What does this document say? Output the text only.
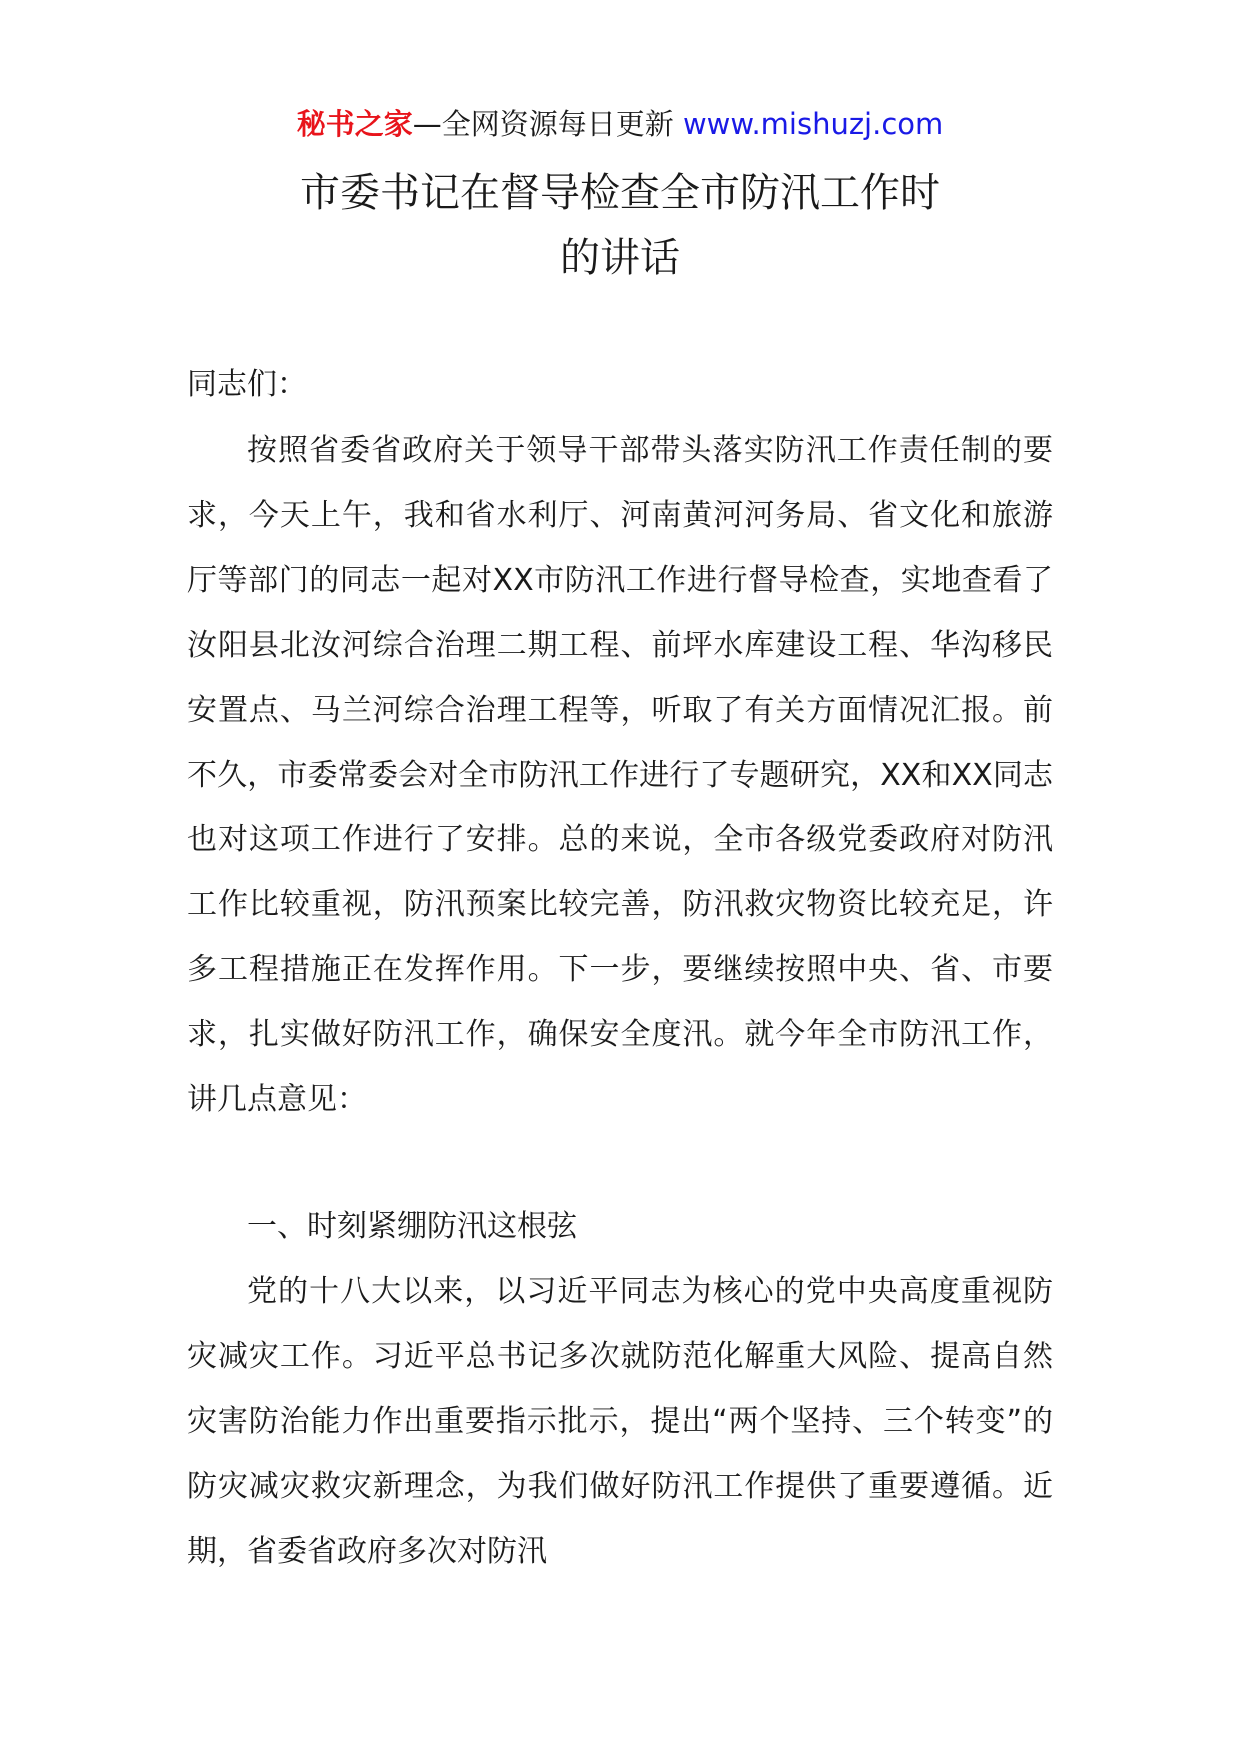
秘书之家—全网资源每日更新 www.mishuzj.com
市委书记在督导检查全市防汛工作时
的讲话
同志们：

按照省委省政府关于领导干部带头落实防汛工作责任制的要求，今天上午，我和省水利厅、河南黄河河务局、省文化和旅游厅等部门的同志一起对XX市防汛工作进行督导检查，实地查看了汝阳县北汝河综合治理二期工程、前坪水库建设工程、华沟移民安置点、马兰河综合治理工程等，听取了有关方面情况汇报。前不久，市委常委会对全市防汛工作进行了专题研究，XX和XX同志也对这项工作进行了安排。总的来说，全市各级党委政府对防汛工作比较重视，防汛预案比较完善，防汛救灾物资比较充足，许多工程措施正在发挥作用。下一步，要继续按照中央、省、市要求，扎实做好防汛工作，确保安全度汛。就今年全市防汛工作，讲几点意见：

一、时刻紧绷防汛这根弦

党的十八大以来，以习近平同志为核心的党中央高度重视防灾减灾工作。习近平总书记多次就防范化解重大风险、提高自然灾害防治能力作出重要指示批示，提出“两个坚持、三个转变”的防灾减灾救灾新理念，为我们做好防汛工作提供了重要遵循。近期，省委省政府多次对防汛
